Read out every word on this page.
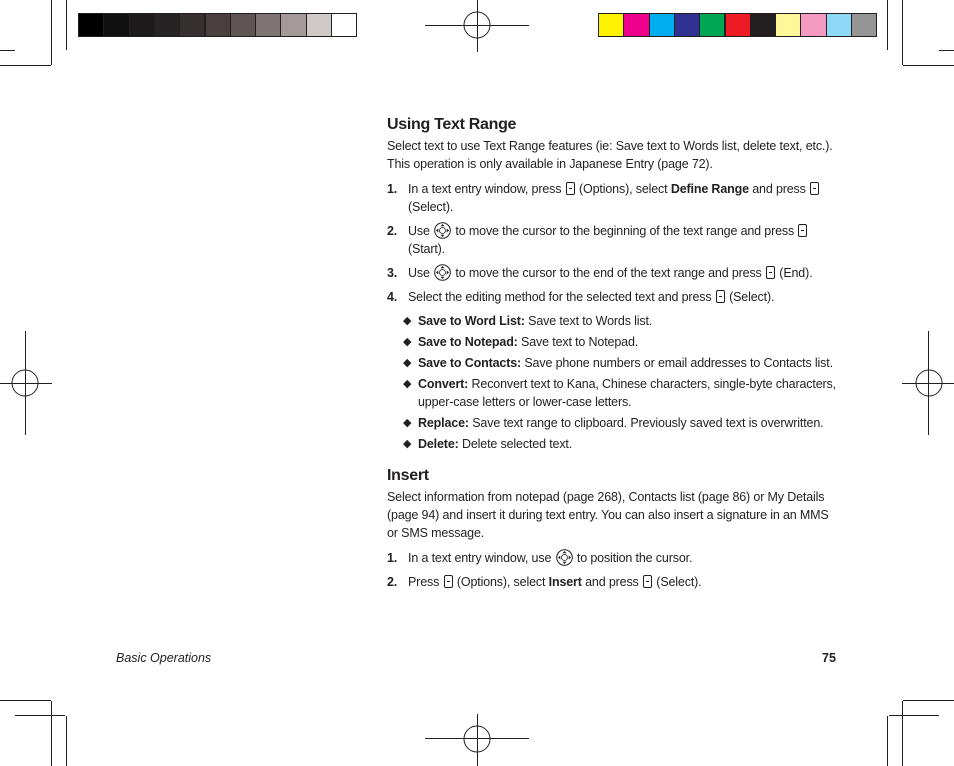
Using Text Range

Select text to use Text Range features (ie: Save text to Words list, delete text, etc.). This operation is only available in Japanese Entry (page 72).

1. In a text entry window, press  (Options), select Define Range and press  (Select).
2. Use  to move the cursor to the beginning of the text range and press  (Start).
3. Use  to move the cursor to the end of the text range and press  (End).
4. Select the editing method for the selected text and press  (Select).
◆ Save to Word List: Save text to Words list.
◆ Save to Notepad: Save text to Notepad.
◆ Save to Contacts: Save phone numbers or email addresses to Contacts list.
◆ Convert: Reconvert text to Kana, Chinese characters, single-byte characters, upper-case letters or lower-case letters.
◆ Replace: Save text range to clipboard. Previously saved text is overwritten.
◆ Delete: Delete selected text.
Insert

Select information from notepad (page 268), Contacts list (page 86) or My Details (page 94) and insert it during text entry. You can also insert a signature in an MMS or SMS message.

1. In a text entry window, use  to position the cursor.
2. Press  (Options), select Insert and press  (Select).
Basic Operations	75
